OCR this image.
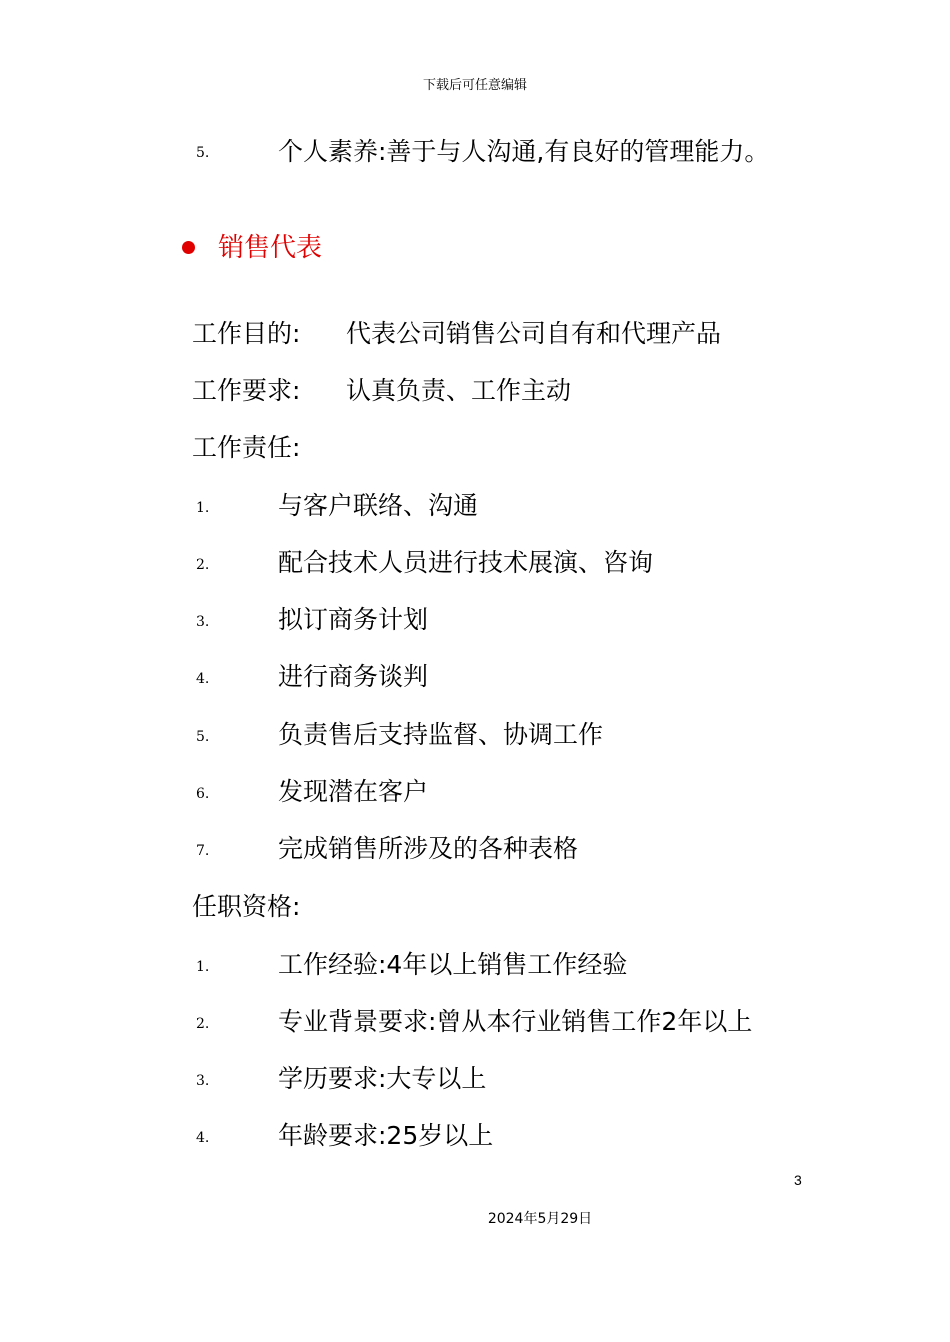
下载后可任意编辑
5.	个人素养:善于与人沟通,有良好的管理能力。
销售代表
工作目的: 代表公司销售公司自有和代理产品
工作要求: 认真负责、工作主动
工作责任:
1.	与客户联络、沟通
2.	配合技术人员进行技术展演、咨询
3.	拟订商务计划
4.	进行商务谈判
5.	负责售后支持监督、协调工作
6.	发现潜在客户
7.	完成销售所涉及的各种表格
任职资格:
1.	工作经验:4年以上销售工作经验
2.	专业背景要求:曾从本行业销售工作2年以上
3.	学历要求:大专以上
4.	年龄要求:25岁以上
3
2024年5月29日
